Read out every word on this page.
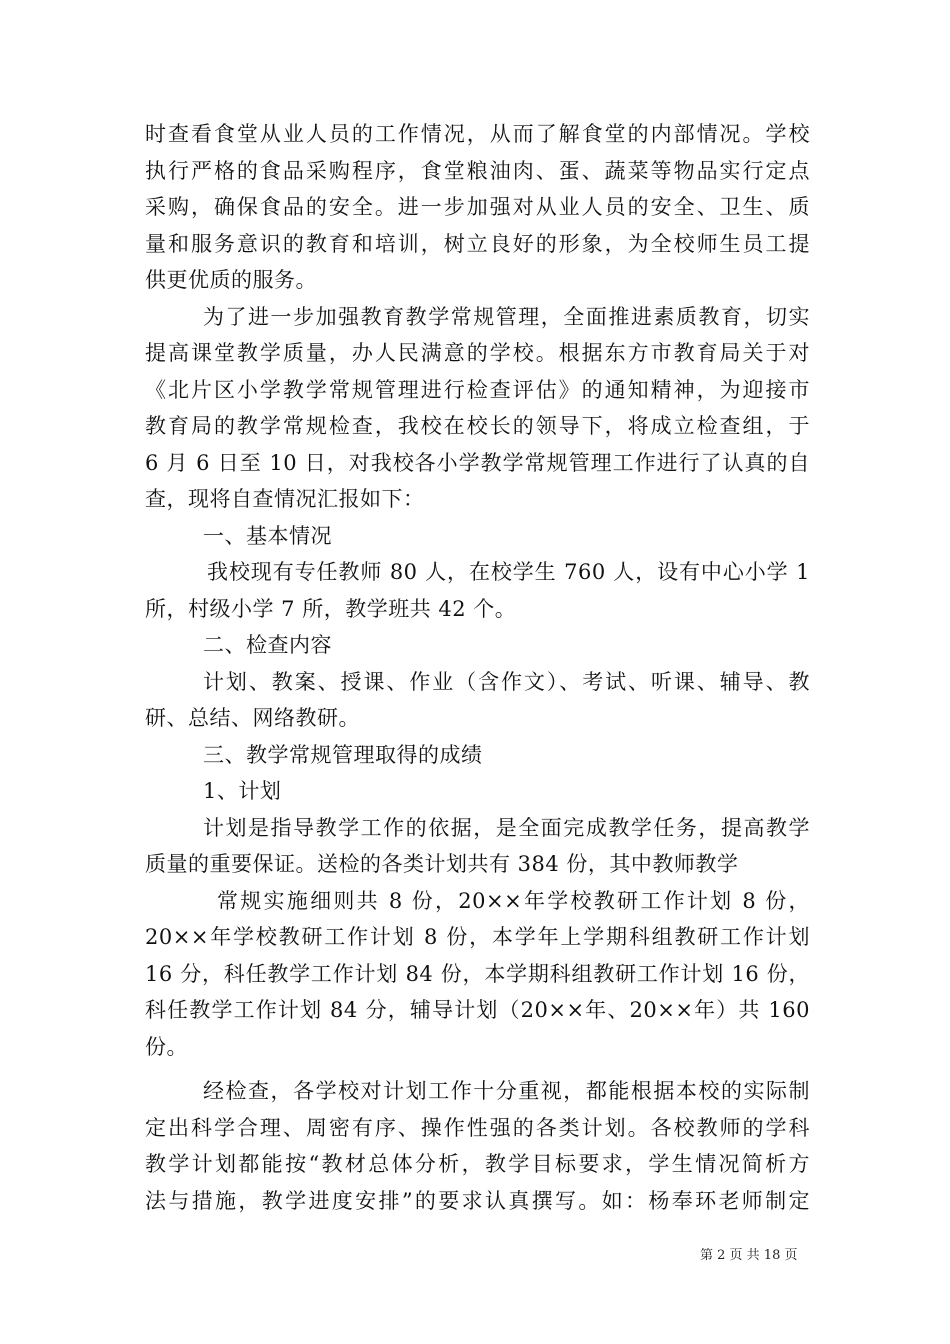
时查看食堂从业人员的工作情况，从而了解食堂的内部情况。学校
执行严格的食品采购程序，食堂粮油肉、蛋、蔬菜等物品实行定点
采购，确保食品的安全。进一步加强对从业人员的安全、卫生、质
量和服务意识的教育和培训，树立良好的形象，为全校师生员工提
供更优质的服务。
为了进一步加强教育教学常规管理，全面推进素质教育，切实
提高课堂教学质量，办人民满意的学校。根据东方市教育局关于对
《北片区小学教学常规管理进行检查评估》的通知精神，为迎接市
教育局的教学常规检查，我校在校长的领导下，将成立检查组，于
6 月 6 日至 10 日，对我校各小学教学常规管理工作进行了认真的自
查，现将自查情况汇报如下：
一、基本情况
我校现有专任教师 80 人，在校学生 760 人，设有中心小学 1
所，村级小学 7 所，教学班共 42 个。
二、检查内容
计划、教案、授课、作业（含作文）、考试、听课、辅导、教
研、总结、网络教研。
三、教学常规管理取得的成绩
1、计划
计划是指导教学工作的依据，是全面完成教学任务，提高教学
质量的重要保证。送检的各类计划共有 384 份，其中教师教学
常规实施细则共 8 份，20××年学校教研工作计划 8 份，
20××年学校教研工作计划 8 份，本学年上学期科组教研工作计划
16 分，科任教学工作计划 84 份，本学期科组教研工作计划 16 份，
科任教学工作计划 84 分，辅导计划（20××年、20××年）共 160
份。
经检查，各学校对计划工作十分重视，都能根据本校的实际制
定出科学合理、周密有序、操作性强的各类计划。各校教师的学科
教学计划都能按“教材总体分析，教学目标要求，学生情况简析方
法与措施，教学进度安排”的要求认真撰写。如：杨奉环老师制定
第 2 页 共 18 页
